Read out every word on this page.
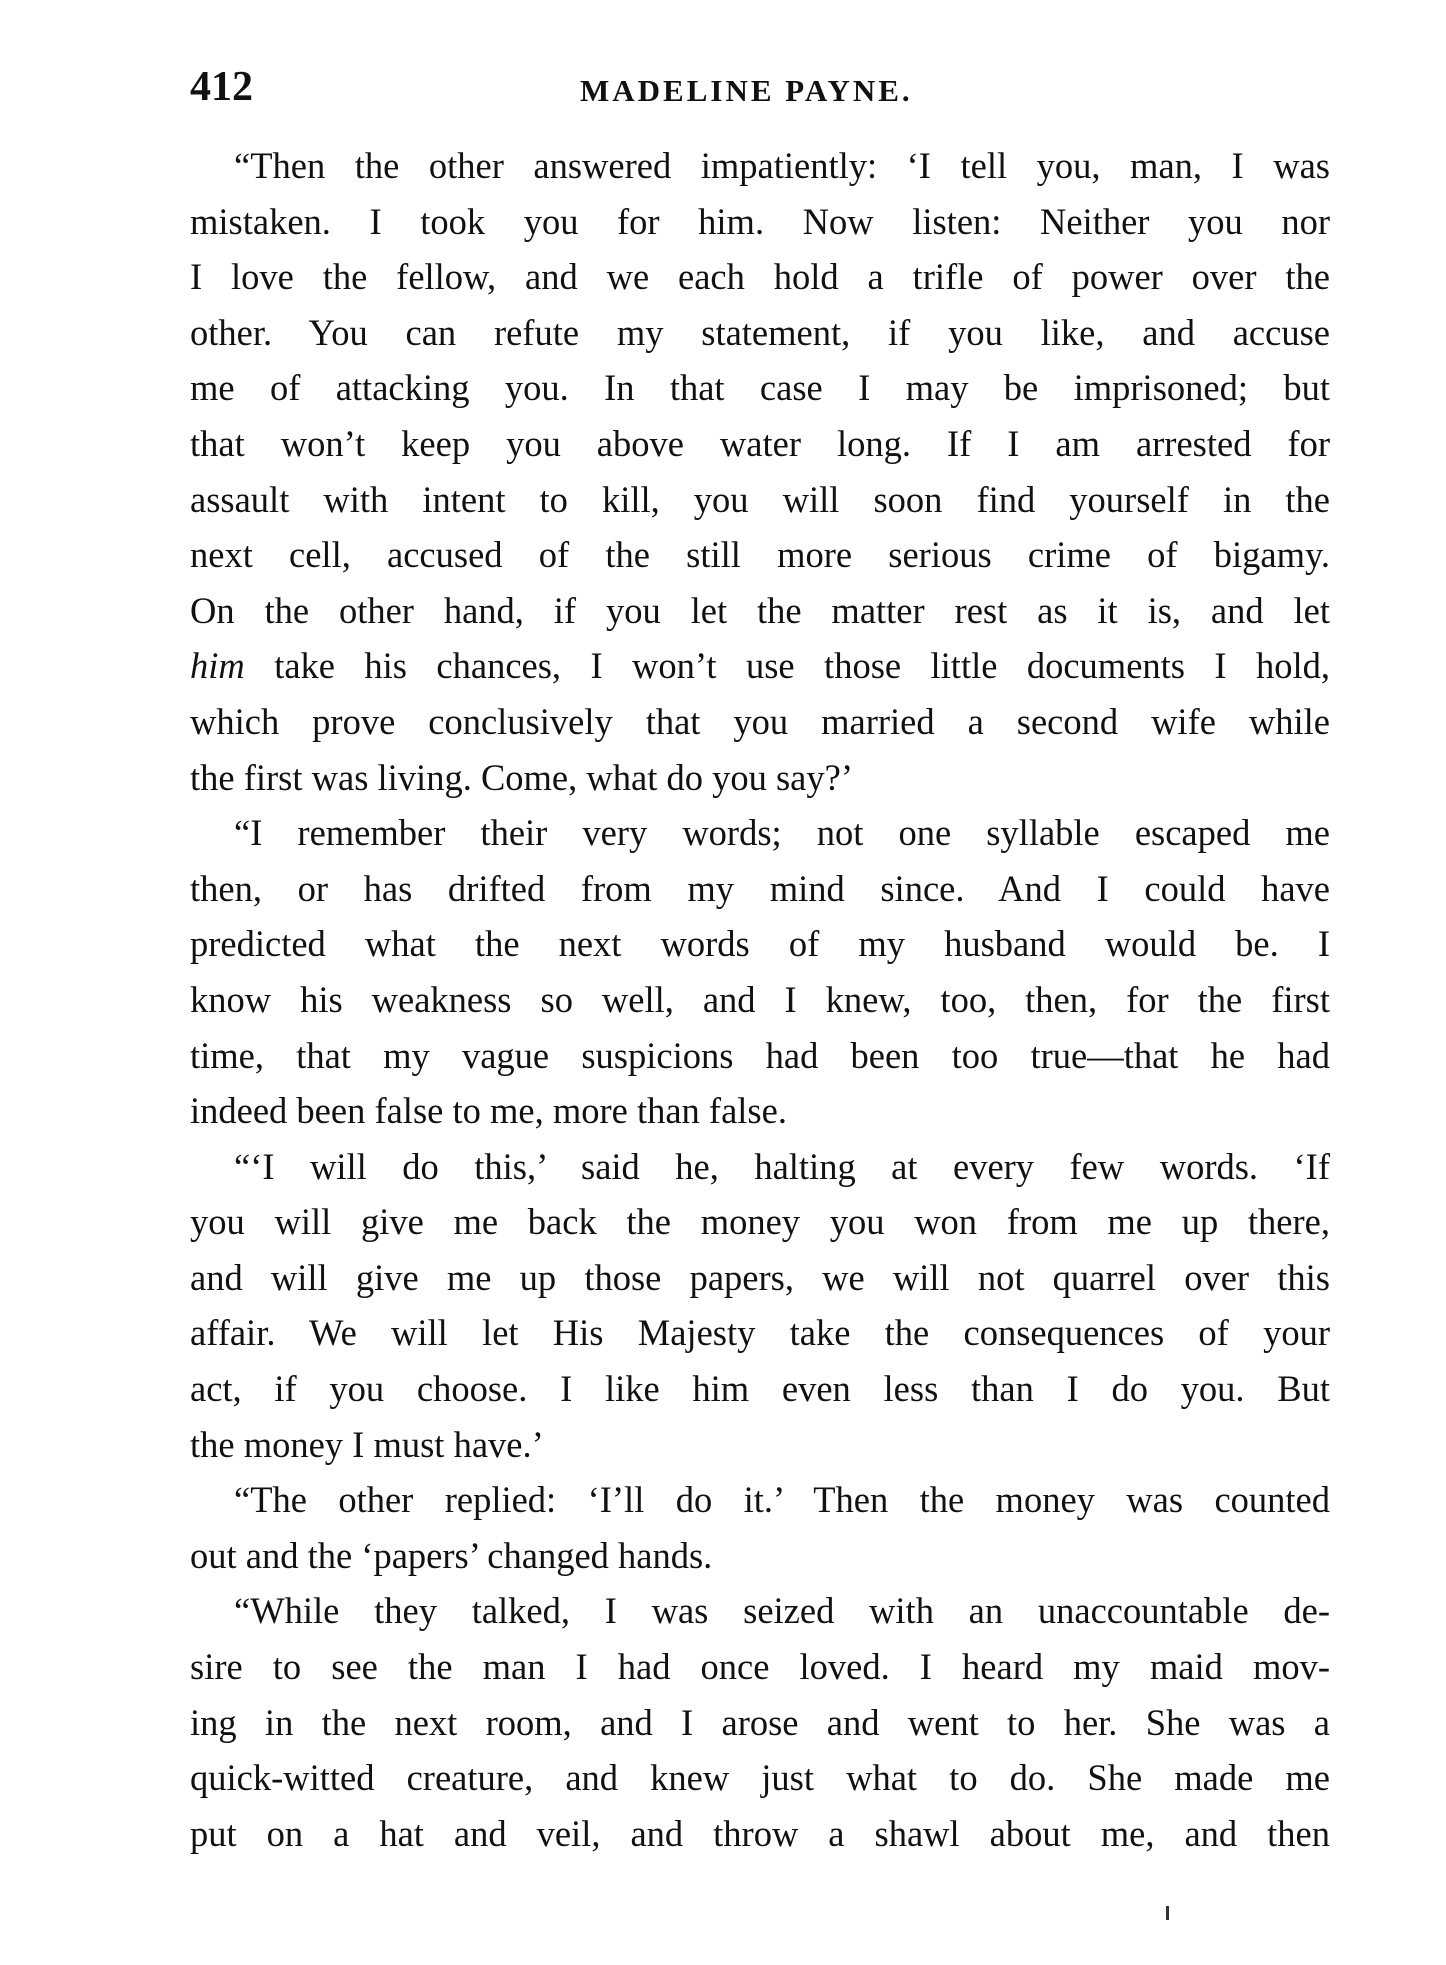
412	MADELINE PAYNE.
“Then the other answered impatiently: ‘I tell you, man, I was
mistaken. I took you for him. Now listen: Neither you nor
I love the fellow, and we each hold a trifle of power over the
other. You can refute my statement, if you like, and accuse
me of attacking you. In that case I may be imprisoned; but
that won’t keep you above water long. If I am arrested for
assault with intent to kill, you will soon find yourself in the
next cell, accused of the still more serious crime of bigamy.
On the other hand, if you let the matter rest as it is, and let
him take his chances, I won’t use those little documents I hold,
which prove conclusively that you married a second wife while
the first was living. Come, what do you say?’
“I remember their very words; not one syllable escaped me
then, or has drifted from my mind since. And I could have
predicted what the next words of my husband would be. I
know his weakness so well, and I knew, too, then, for the first
time, that my vague suspicions had been too true—that he had
indeed been false to me, more than false.
“‘I will do this,’ said he, halting at every few words. ‘If
you will give me back the money you won from me up there,
and will give me up those papers, we will not quarrel over this
affair. We will let His Majesty take the consequences of your
act, if you choose. I like him even less than I do you. But
the money I must have.’
“The other replied: ‘I’ll do it.’ Then the money was counted
out and the ‘papers’ changed hands.
“While they talked, I was seized with an unaccountable de-
sire to see the man I had once loved. I heard my maid mov-
ing in the next room, and I arose and went to her. She was a
quick-witted creature, and knew just what to do. She made me
put on a hat and veil, and throw a shawl about me, and then
